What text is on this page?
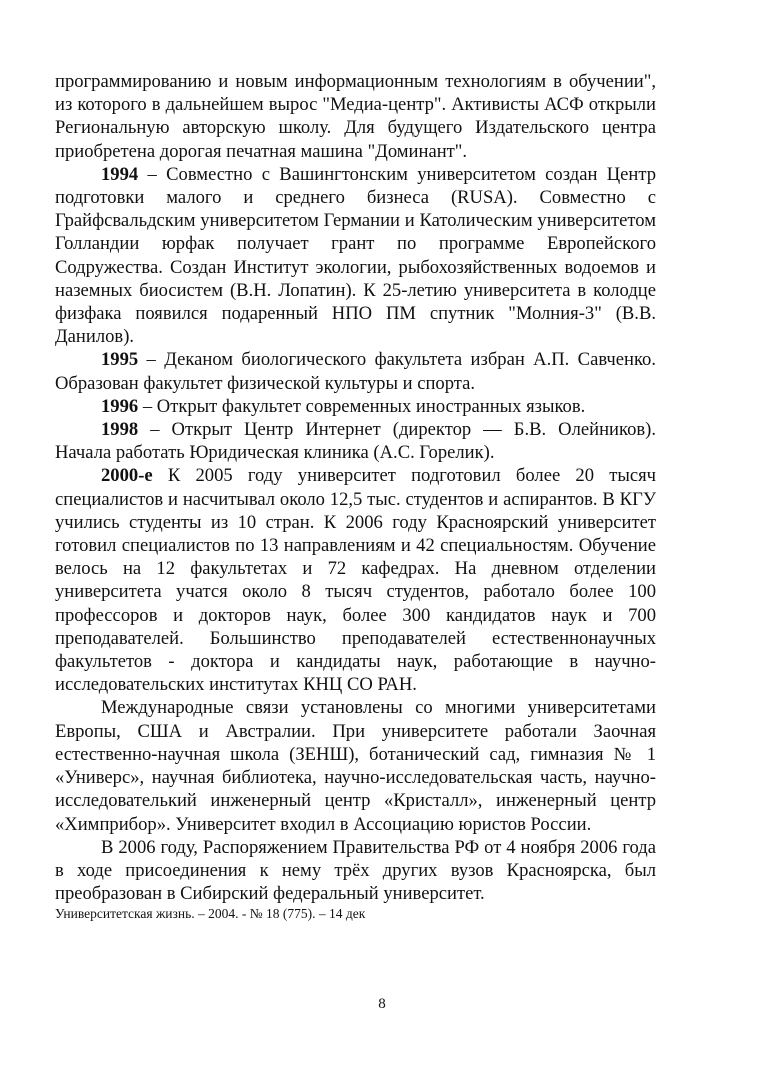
программированию и новым информационным технологиям в обучении", из которого в дальнейшем вырос "Медиа-центр". Активисты АСФ открыли Региональную авторскую школу. Для будущего Издательского центра приобретена дорогая печатная машина "Доминант".

1994 – Совместно с Вашингтонским университетом создан Центр подготовки малого и среднего бизнеса (RUSA). Совместно с Грайфсвальдским университетом Германии и Католическим университетом Голландии юрфак получает грант по программе Европейского Содружества. Создан Институт экологии, рыбохозяйственных водоемов и наземных биосистем (В.Н. Лопатин). К 25-летию университета в колодце физфака появился подаренный НПО ПМ спутник "Молния-3" (В.В. Данилов).

1995 – Деканом биологического факультета избран А.П. Савченко. Образован факультет физической культуры и спорта.

1996 – Открыт факультет современных иностранных языков.

1998 – Открыт Центр Интернет (директор — Б.В. Олейников). Начала работать Юридическая клиника (А.С. Горелик).

2000-е К 2005 году университет подготовил более 20 тысяч специалистов и насчитывал около 12,5 тыс. студентов и аспирантов. В КГУ учились студенты из 10 стран. К 2006 году Красноярский университет готовил специалистов по 13 направлениям и 42 специальностям. Обучение велось на 12 факультетах и 72 кафедрах. На дневном отделении университета учатся около 8 тысяч студентов, работало более 100 профессоров и докторов наук, более 300 кандидатов наук и 700 преподавателей. Большинство преподавателей естественнонаучных факультетов - доктора и кандидаты наук, работающие в научно-исследовательских институтах КНЦ СО РАН.

Международные связи установлены со многими университетами Европы, США и Австралии. При университете работали Заочная естественно-научная школа (ЗЕНШ), ботанический сад, гимназия № 1 «Универс», научная библиотека, научно-исследовательская часть, научно-исследователький инженерный центр «Кристалл», инженерный центр «Химприбор». Университет входил в Ассоциацию юристов России.

В 2006 году, Распоряжением Правительства РФ от 4 ноября 2006 года в ходе присоединения к нему трёх других вузов Красноярска, был преобразован в Сибирский федеральный университет.

Университетская жизнь. – 2004. - № 18 (775). – 14 дек

8
